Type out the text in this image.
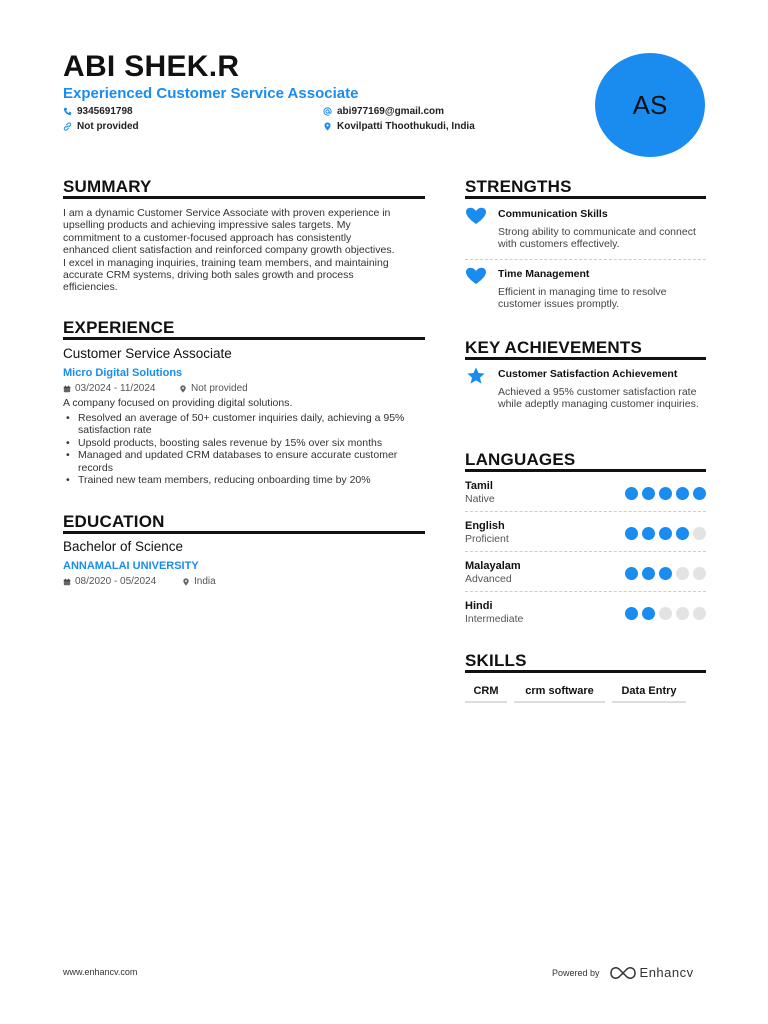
ABI SHEK.R
Experienced Customer Service Associate
9345691798
Not provided
abi977169@gmail.com
Kovilpatti Thoothukudi, India
AS
SUMMARY
I am a dynamic Customer Service Associate with proven experience in
upselling products and achieving impressive sales targets. My
commitment to a customer-focused approach has consistently
enhanced client satisfaction and reinforced company growth objectives.
I excel in managing inquiries, training team members, and maintaining
accurate CRM systems, driving both sales growth and process
efficiencies.
EXPERIENCE
Customer Service Associate
Micro Digital Solutions
03/2024 - 11/2024	Not provided
A company focused on providing digital solutions.
• Resolved an average of 50+ customer inquiries daily, achieving a 95% satisfaction rate
• Upsold products, boosting sales revenue by 15% over six months
• Managed and updated CRM databases to ensure accurate customer records
• Trained new team members, reducing onboarding time by 20%
EDUCATION
Bachelor of Science
ANNAMALAI UNIVERSITY
08/2020 - 05/2024	India
STRENGTHS
Communication Skills
Strong ability to communicate and connect with customers effectively.
Time Management
Efficient in managing time to resolve customer issues promptly.
KEY ACHIEVEMENTS
Customer Satisfaction Achievement
Achieved a 95% customer satisfaction rate while adeptly managing customer inquiries.
LANGUAGES
Tamil
Native
English
Proficient
Malayalam
Advanced
Hindi
Intermediate
SKILLS
CRM	crm software	Data Entry
www.enhancv.com	Powered by	Enhancv
